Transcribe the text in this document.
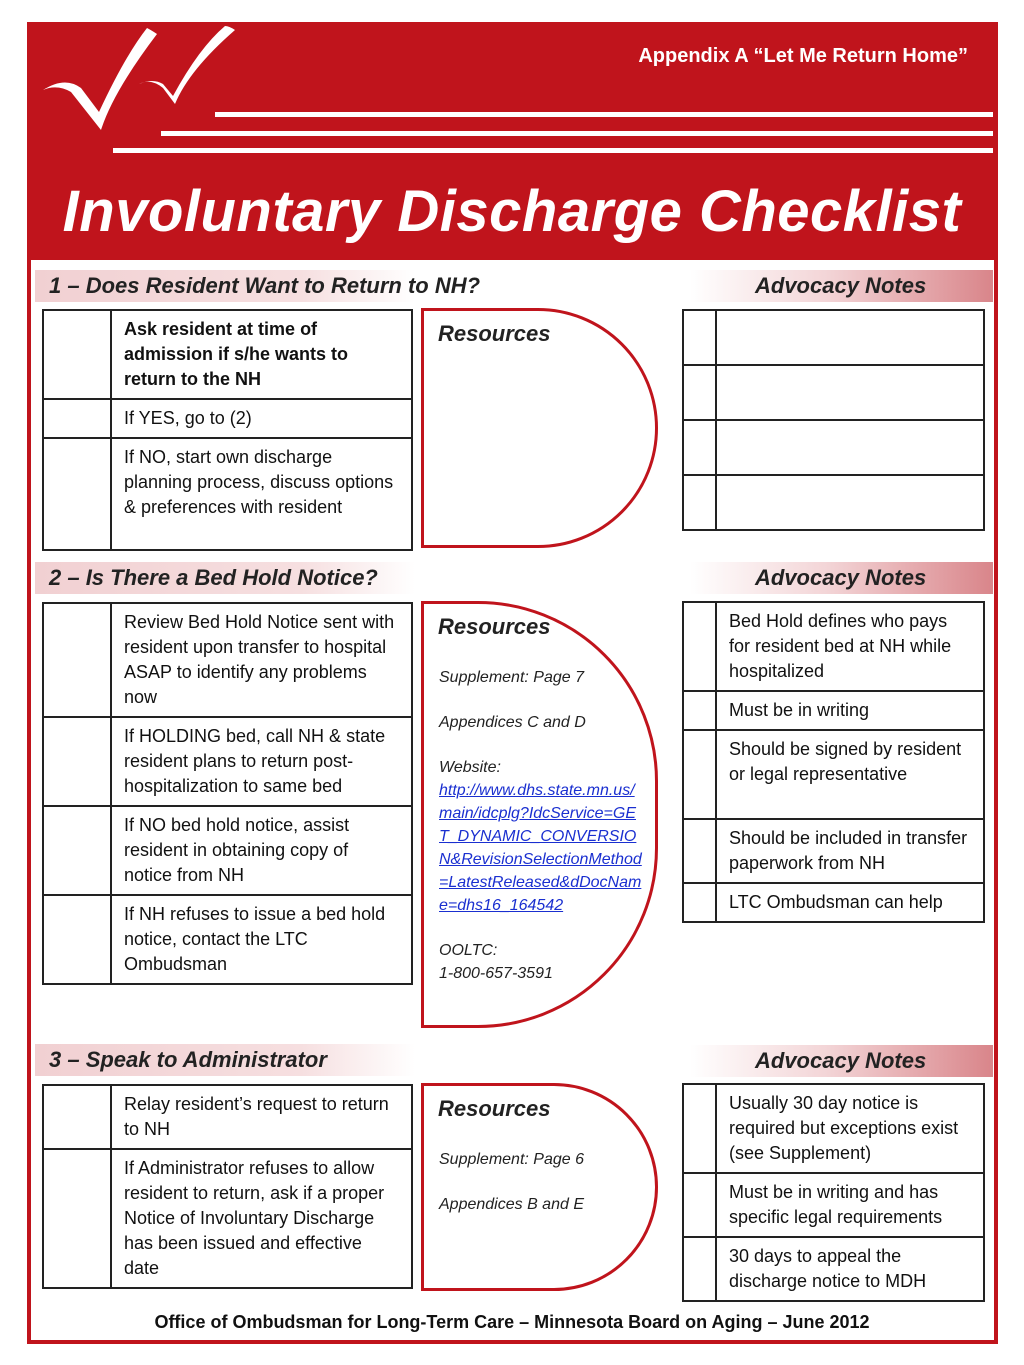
Appendix A “Let Me Return Home”
Involuntary Discharge Checklist
1 – Does Resident Want to Return to NH?	Advocacy Notes
	Ask resident at time of admission if s/he wants to return to the NH
	If YES, go to (2)
	If NO, start own discharge planning process, discuss options & preferences with resident
Resources

2 – Is There a Bed Hold Notice?	Advocacy Notes
	Review Bed Hold Notice sent with resident upon transfer to hospital ASAP to identify any problems now
	If HOLDING bed, call NH & state resident plans to return post-hospitalization to same bed
	If NO bed hold notice, assist resident in obtaining copy of notice from NH
	If NH refuses to issue a bed hold notice, contact the LTC Ombudsman
Resources

Supplement: Page 7

Appendices C and D

Website:
http://www.dhs.state.mn.us/main/idcplg?IdcService=GET_DYNAMIC_CONVERSION&RevisionSelectionMethod=LatestReleased&dDocName=dhs16_164542

OOLTC:
1-800-657-3591

	Bed Hold defines who pays for resident bed at NH while hospitalized
	Must be in writing
	Should be signed by resident or legal representative
	Should be included in transfer paperwork from NH
	LTC Ombudsman can help
3 – Speak to Administrator	Advocacy Notes
	Relay resident’s request to return to NH
	If Administrator refuses to allow resident to return, ask if a proper Notice of Involuntary Discharge has been issued and effective date
Resources

Supplement: Page 6

Appendices B and E

	Usually 30 day notice is required but exceptions exist (see Supplement)
	Must be in writing and has specific legal requirements
	30 days to appeal the discharge notice to MDH
Office of Ombudsman for Long-Term Care – Minnesota Board on Aging – June 2012
